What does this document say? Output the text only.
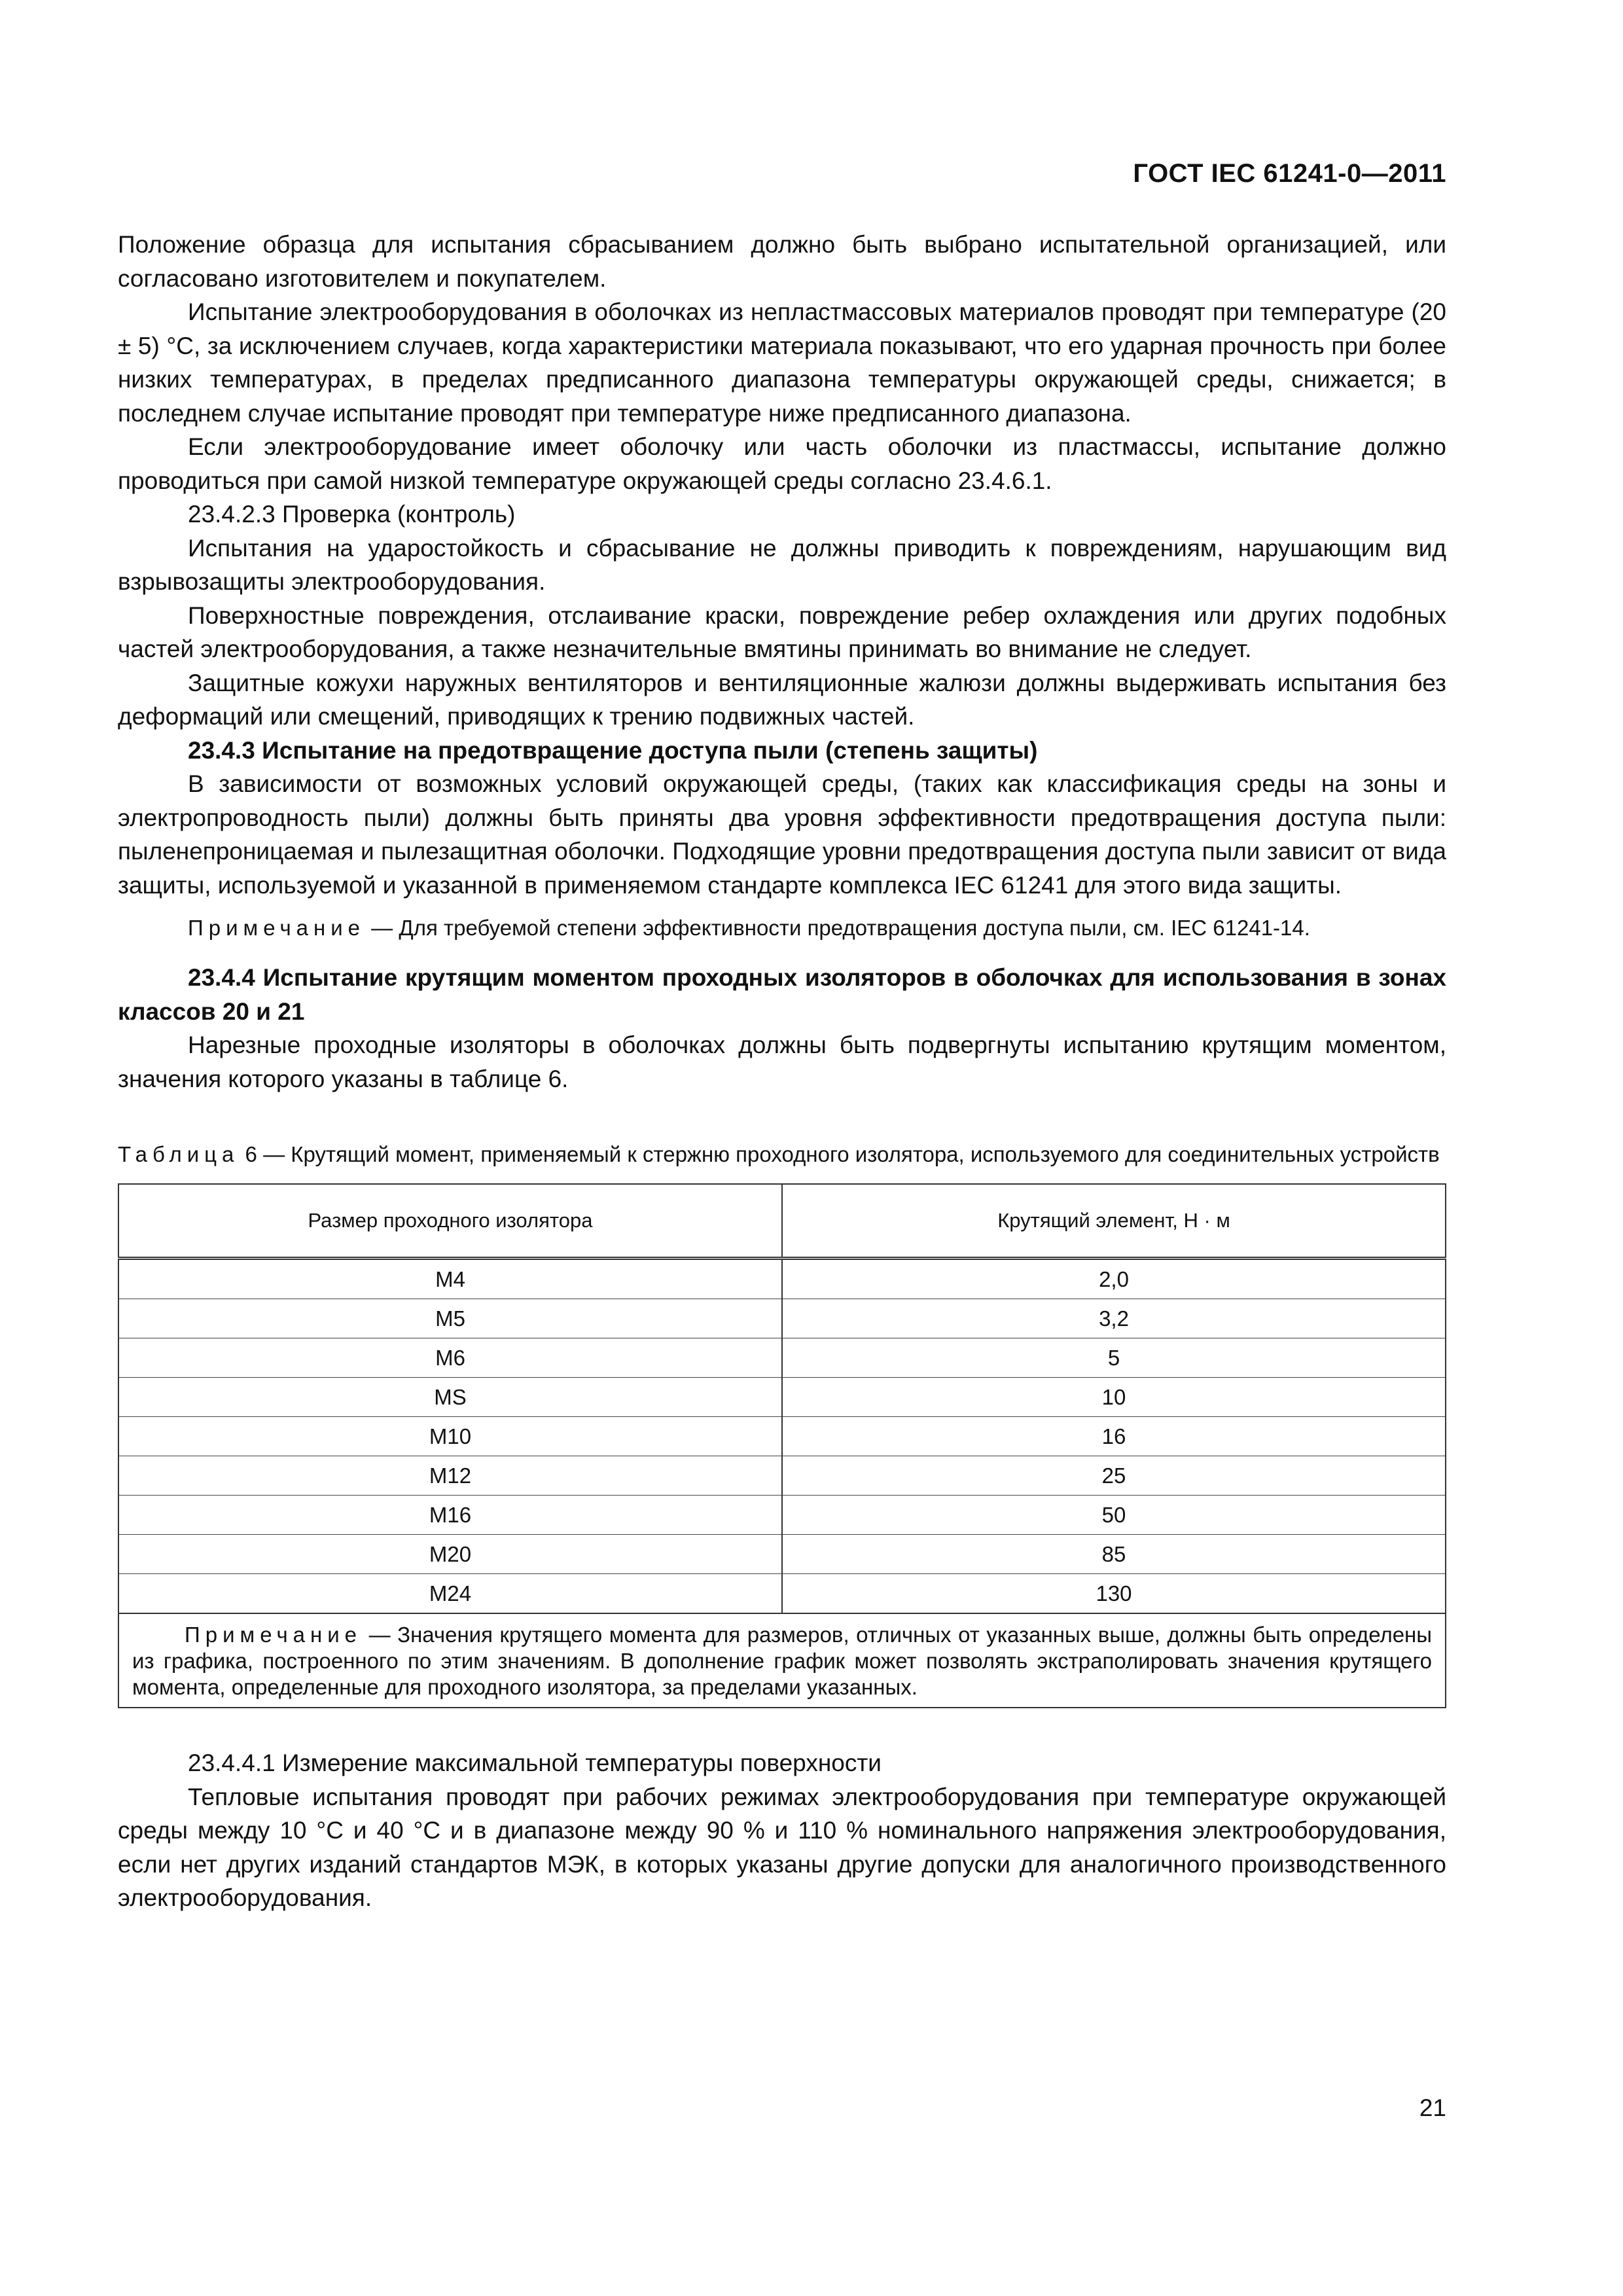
ГОСТ IEC 61241-0—2011

Положение образца для испытания сбрасыванием должно быть выбрано испытательной организацией, или согласовано изготовителем и покупателем.

Испытание электрооборудования в оболочках из непластмассовых материалов проводят при температуре (20 ± 5) °С, за исключением случаев, когда характеристики материала показывают, что его ударная прочность при более низких температурах, в пределах предписанного диапазона температуры окружающей среды, снижается; в последнем случае испытание проводят при температуре ниже предписанного диапазона.

Если электрооборудование имеет оболочку или часть оболочки из пластмассы, испытание должно проводиться при самой низкой температуре окружающей среды согласно 23.4.6.1.

23.4.2.3 Проверка (контроль)

Испытания на ударостойкость и сбрасывание не должны приводить к повреждениям, нарушающим вид взрывозащиты электрооборудования.

Поверхностные повреждения, отслаивание краски, повреждение ребер охлаждения или других подобных частей электрооборудования, а также незначительные вмятины принимать во внимание не следует.

Защитные кожухи наружных вентиляторов и вентиляционные жалюзи должны выдерживать испытания без деформаций или смещений, приводящих к трению подвижных частей.

23.4.3 Испытание на предотвращение доступа пыли (степень защиты)

В зависимости от возможных условий окружающей среды, (таких как классификация среды на зоны и электропроводность пыли) должны быть приняты два уровня эффективности предотвращения доступа пыли: пыленепроницаемая и пылезащитная оболочки. Подходящие уровни предотвращения доступа пыли зависит от вида защиты, используемой и указанной в применяемом стандарте комплекса IEC 61241 для этого вида защиты.

Примечание — Для требуемой степени эффективности предотвращения доступа пыли, см. IEC 61241-14.

23.4.4 Испытание крутящим моментом проходных изоляторов в оболочках для использования в зонах классов 20 и 21

Нарезные проходные изоляторы в оболочках должны быть подвергнуты испытанию крутящим моментом, значения которого указаны в таблице 6.

Таблица 6 — Крутящий момент, применяемый к стержню проходного изолятора, используемого для соединительных устройств

Размер проходного изолятора	Крутящий элемент, Н · м
М4	2,0
М5	3,2
М6	5
MS	10
М10	16
М12	25
М16	50
М20	85
М24	130
Примечание — Значения крутящего момента для размеров, отличных от указанных выше, должны быть определены из графика, построенного по этим значениям. В дополнение график может позволять экстраполировать значения крутящего момента, определенные для проходного изолятора, за пределами указанных.	

23.4.4.1 Измерение максимальной температуры поверхности

Тепловые испытания проводят при рабочих режимах электрооборудования при температуре окружающей среды между 10 °С и 40 °С и в диапазоне между 90 % и 110 % номинального напряжения электрооборудования, если нет других изданий стандартов МЭК, в которых указаны другие допуски для аналогичного производственного электрооборудования.

21
